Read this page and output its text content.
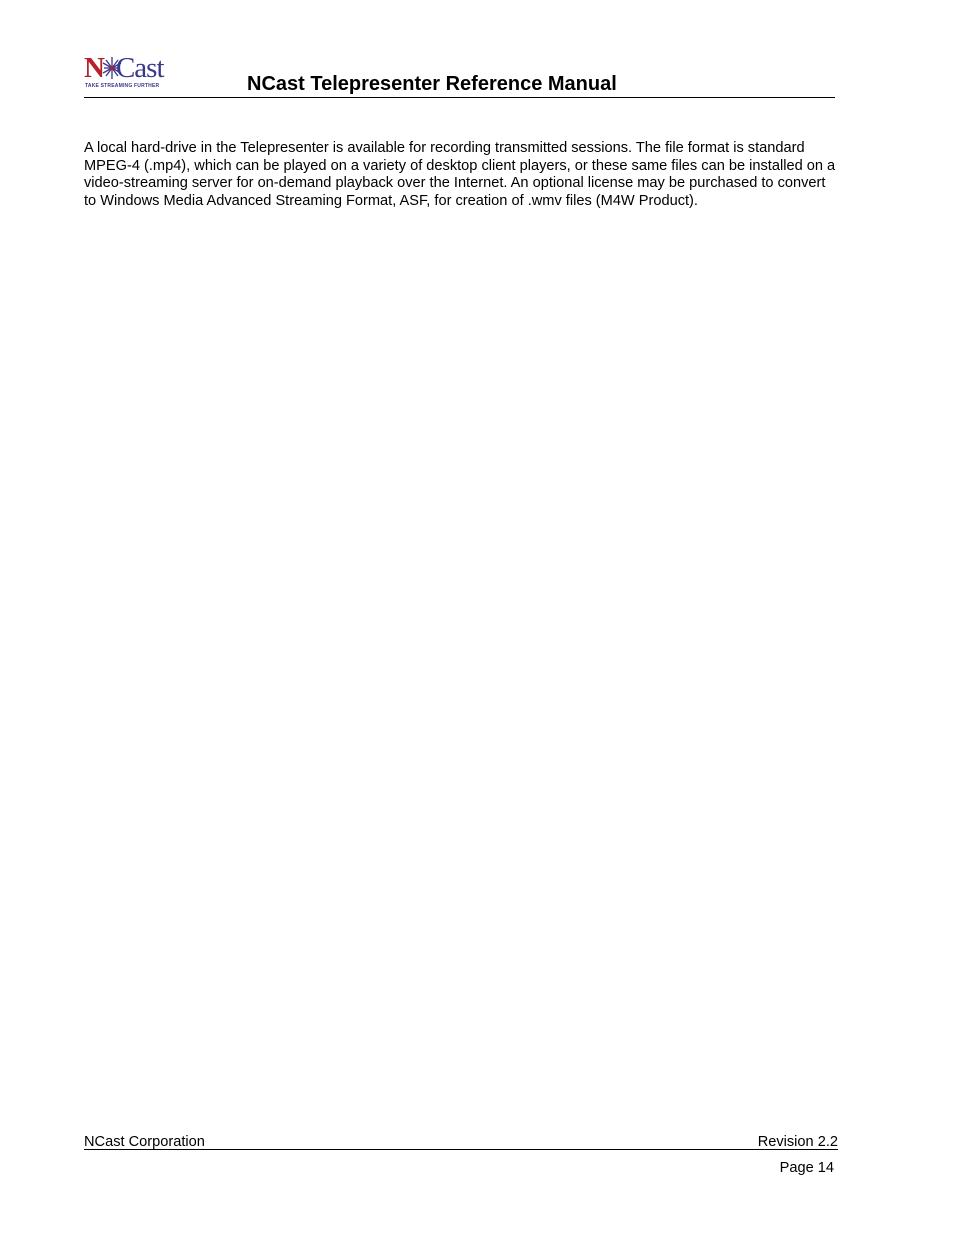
N Cast
TAKE STREAMING FURTHER	NCast Telepresenter Reference Manual

A local hard-drive in the Telepresenter is available for recording transmitted sessions. The file format is standard MPEG-4 (.mp4), which can be played on a variety of desktop client players, or these same files can be installed on a video-streaming server for on-demand playback over the Internet. An optional license may be purchased to convert to Windows Media Advanced Streaming Format, ASF, for creation of .wmv files (M4W Product).

NCast Corporation	Revision 2.2
Page 14
